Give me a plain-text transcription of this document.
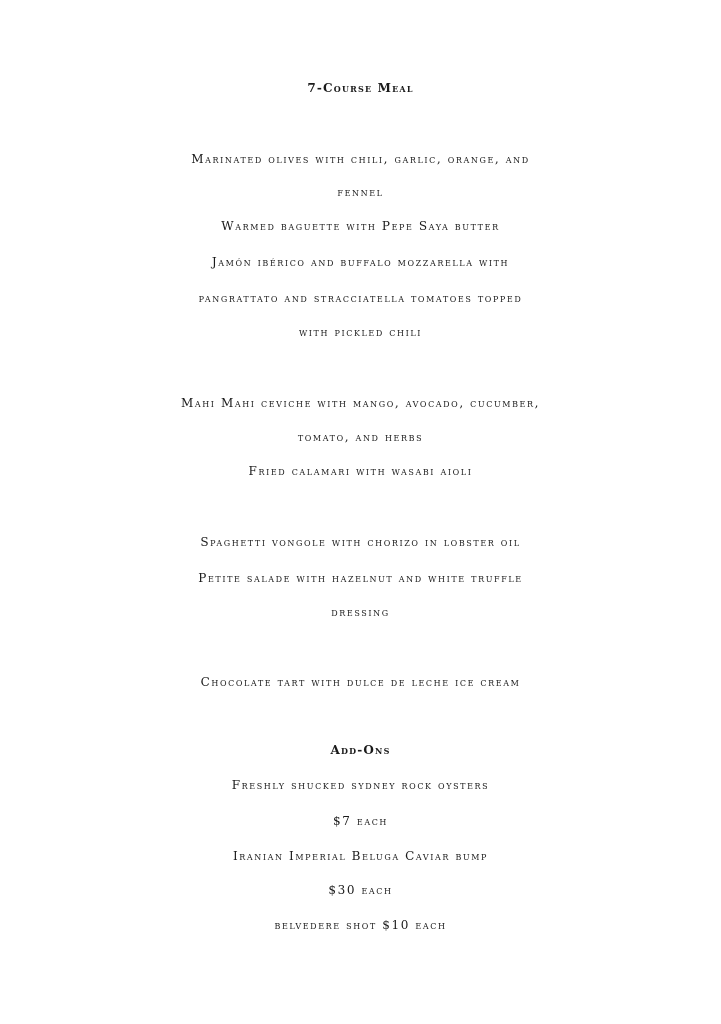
7-Course Meal
Marinated olives with chili, garlic, orange, and
fennel
Warmed baguette with Pepe Saya butter
Jamón ibérico and buffalo mozzarella with
pangrattato and stracciatella tomatoes topped
with pickled chili
Mahi Mahi ceviche with mango, avocado, cucumber,
tomato, and herbs
Fried calamari with wasabi aioli
Spaghetti vongole with chorizo in lobster oil
Petite salade with hazelnut and white truffle
dressing
Chocolate tart with dulce de leche ice cream
Add-Ons
Freshly shucked sydney rock oysters
$7 each
Iranian Imperial Beluga Caviar bump
$30 each
belvedere shot $10 each
